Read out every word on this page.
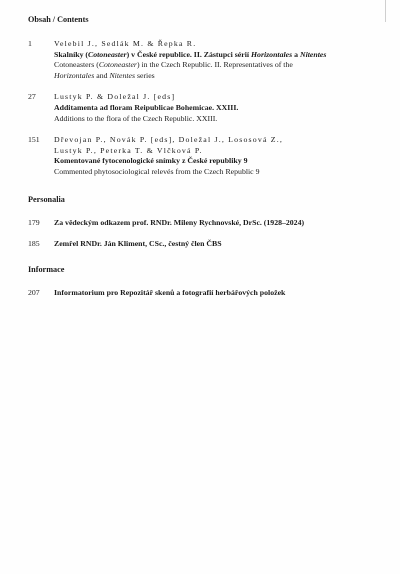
Obsah / Contents
1	Velebil J., Sedlák M. & Řepka R.
Skalníky (Cotoneaster) v České republice. II. Zástupci sérií Horizontales a Nitentes
Cotoneasters (Cotoneaster) in the Czech Republic. II. Representatives of the
Horizontales and Nitentes series
27	Lustyk P. & Doležal J. [eds]
Additamenta ad floram Reipublicae Bohemicae. XXIII.
Additions to the flora of the Czech Republic. XXIII.
151	Dřevojan P., Novák P. [eds], Doležal J., Lososová Z.,
Lustyk P., Peterka T. & Vlčková P.
Komentované fytocenologické snímky z České republiky 9
Commented phytosociological relevés from the Czech Republic 9
Personalia
179	Za vědeckým odkazem prof. RNDr. Mileny Rychnovské, DrSc. (1928–2024)
185	Zemřel RNDr. Ján Kliment, CSc., čestný člen ČBS
Informace
207	Informatorium pro Repozitář skenů a fotografií herbářových položek
